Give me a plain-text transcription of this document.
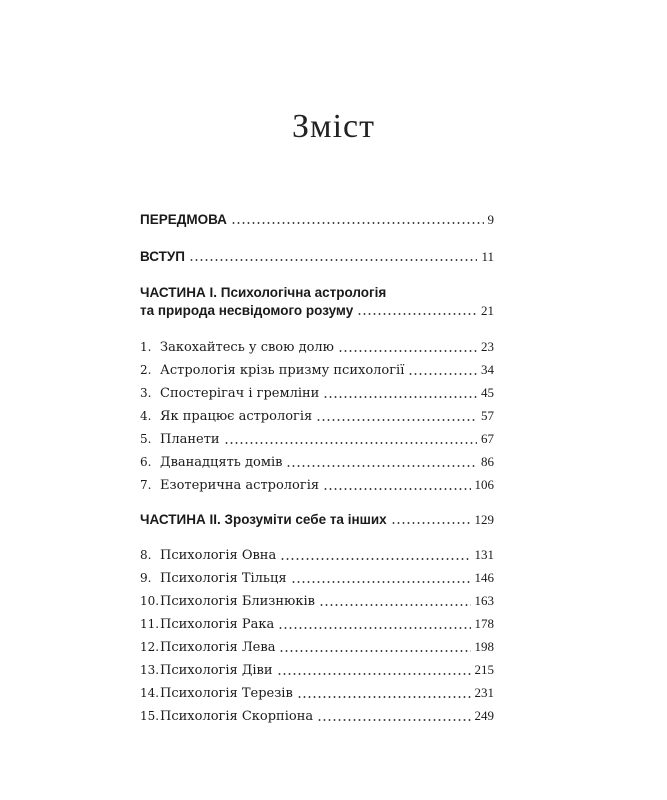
Зміст
ПЕРЕДМОВА	9
ВСТУП	11
ЧАСТИНА I. Психологічна астрологія
та природа несвідомого розуму	21
1. Закохайтесь у свою долю	23
2. Астрологія крізь призму психології	34
3. Спостерігач і гремліни	45
4. Як працює астрологія	57
5. Планети	67
6. Дванадцять домів	86
7. Езотерична астрологія	106
ЧАСТИНА II. Зрозуміти себе та інших	129
8. Психологія Овна	131
9. Психологія Тільця	146
10. Психологія Близнюків	163
11. Психологія Рака	178
12. Психологія Лева	198
13. Психологія Діви	215
14. Психологія Терезів	231
15. Психологія Скорпіона	249
